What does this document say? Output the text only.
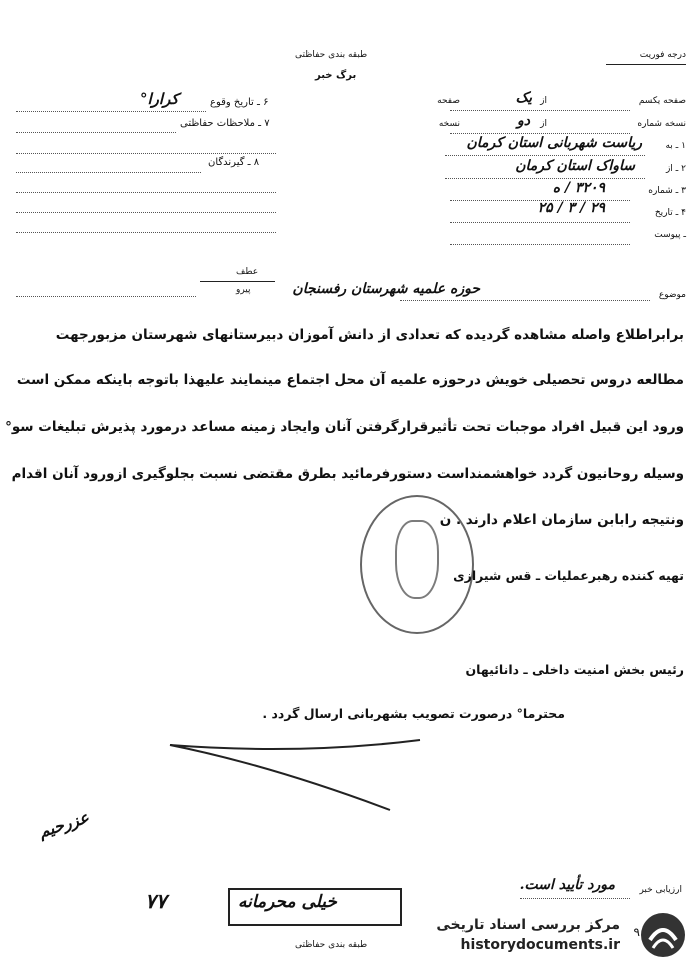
درجه فوریت
طبقه بندی حفاظتی
برگ خبر
۶ ـ تاریخ وقوع
کرارا°
۷ ـ ملاحظات حفاظتی
۸ ـ گیرندگان
صفحه یکسم
از
صفحه	یک
نسخه شماره
از
نسخه	دو
۱ ـ به
ریاست شهربانی استان کرمان
۲ ـ از
ساواک استان کرمان
۳ ـ شماره
۳۲۰۹ / ه
۴ ـ تاریخ
۲۹ / ۳ / ۲۵
ـ پیوست
عطف
پیرو	موضوع
حوزه علمیه شهرستان رفسنجان
برابراطلاع واصله مشاهده گردیده که تعدادی از دانش آموزان دبیرستانهای شهرستان مزبورجهت
مطالعه دروس تحصیلی خویش درحوزه علمیه آن محل اجتماع مینمایند علیهذا باتوجه باینکه ممکن است
ورود این قبیل افراد موجبات تحت تأثیرقرارگرفتن آنان وایجاد زمینه مساعد درمورد پذیرش تبلیغات سو°
وسیله روحانیون گردد خواهشمنداست دستورفرمائید بطرق مقتضی نسبت بجلوگیری ازورود آنان اقدام
ونتیجه رابابن سازمان اعلام دارند . ن
تهیه کننده رهبرعملیات ـ قس شیرازی
رئیس بخش امنیت داخلی ـ دانائیهان
محترما° درصورت تصویب بشهربانی ارسال گردد .
عزرحیم
ارزیابی خبر
مورد تأیید است.
خیلی محرمانه
۷۷
طبقه بندی حفاظتی
۹
مرکز بررسی اسناد تاریخی
historydocuments.ir
